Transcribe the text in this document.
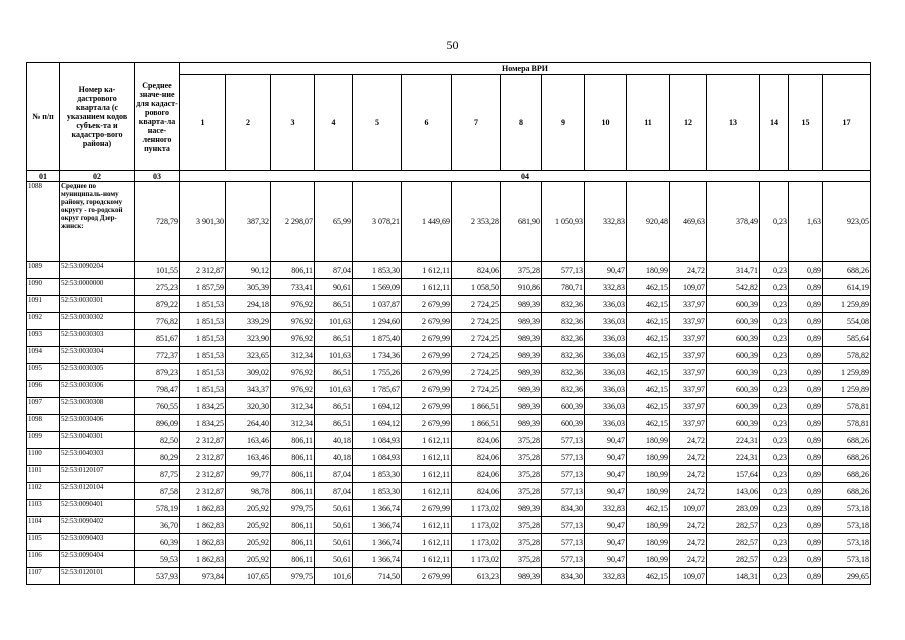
50
№ п/п	Номер ка-дастрового квартала (с указанием кодов субъек-та и кадастро-вого района)	Среднее значе-ние для кадаст-рового кварта-ла насе-ленного пункта	Номера ВРИ															
			1	2	3	4	5	6	7	8	9	10	11	12	13	14	15	17
01	02	03	04															
1088	Среднее по муниципаль-ному району, городскому округу - го-родской округ город Дзер-жинск:	728,79	3 901,30	387,32	2 298,07	65,99	3 078,21	1 449,69	2 353,28	681,90	1 050,93	332,83	920,48	469,63	378,49	0,23	1,63	923,05
1089	52:53:0090204	101,55	2 312,87	90,12	806,11	87,04	1 853,30	1 612,11	824,06	375,28	577,13	90,47	180,99	24,72	314,71	0,23	0,89	688,26
1090	52:53:0000000	275,23	1 857,59	305,39	733,41	90,61	1 569,09	1 612,11	1 058,50	910,86	780,71	332,83	462,15	109,07	542,82	0,23	0,89	614,19
1091	52:53:0030301	879,22	1 851,53	294,18	976,92	86,51	1 037,87	2 679,99	2 724,25	989,39	832,36	336,03	462,15	337,97	600,39	0,23	0,89	1 259,89
1092	52:53:0030302	776,82	1 851,53	339,29	976,92	101,63	1 294,60	2 679,99	2 724,25	989,39	832,36	336,03	462,15	337,97	600,39	0,23	0,89	554,08
1093	52:53:0030303	851,67	1 851,53	323,90	976,92	86,51	1 875,40	2 679,99	2 724,25	989,39	832,36	336,03	462,15	337,97	600,39	0,23	0,89	585,64
1094	52:53:0030304	772,37	1 851,53	323,65	312,34	101,63	1 734,36	2 679,99	2 724,25	989,39	832,36	336,03	462,15	337,97	600,39	0,23	0,89	578,82
1095	52:53:0030305	879,23	1 851,53	309,02	976,92	86,51	1 755,26	2 679,99	2 724,25	989,39	832,36	336,03	462,15	337,97	600,39	0,23	0,89	1 259,89
1096	52:53:0030306	798,47	1 851,53	343,37	976,92	101,63	1 785,67	2 679,99	2 724,25	989,39	832,36	336,03	462,15	337,97	600,39	0,23	0,89	1 259,89
1097	52:53:0030308	760,55	1 834,25	320,30	312,34	86,51	1 694,12	2 679,99	1 866,51	989,39	600,39	336,03	462,15	337,97	600,39	0,23	0,89	578,81
1098	52:53:0030406	896,09	1 834,25	264,40	312,34	86,51	1 694,12	2 679,99	1 866,51	989,39	600,39	336,03	462,15	337,97	600,39	0,23	0,89	578,81
1099	52:53:0040301	82,50	2 312,87	163,46	806,11	40,18	1 084,93	1 612,11	824,06	375,28	577,13	90,47	180,99	24,72	224,31	0,23	0,89	688,26
1100	52:53:0040303	80,29	2 312,87	163,46	806,11	40,18	1 084,93	1 612,11	824,06	375,28	577,13	90,47	180,99	24,72	224,31	0,23	0,89	688,26
1101	52:53:0120107	87,75	2 312,87	99,77	806,11	87,04	1 853,30	1 612,11	824,06	375,28	577,13	90,47	180,99	24,72	157,64	0,23	0,89	688,26
1102	52:53:0120104	87,58	2 312,87	98,78	806,11	87,04	1 853,30	1 612,11	824,06	375,28	577,13	90,47	180,99	24,72	143,06	0,23	0,89	688,26
1103	52:53:0090401	578,19	1 862,83	205,92	979,75	50,61	1 366,74	2 679,99	1 173,02	989,39	834,30	332,83	462,15	109,07	283,09	0,23	0,89	573,18
1104	52:53:0090402	36,70	1 862,83	205,92	806,11	50,61	1 366,74	1 612,11	1 173,02	375,28	577,13	90,47	180,99	24,72	282,57	0,23	0,89	573,18
1105	52:53:0090403	60,39	1 862,83	205,92	806,11	50,61	1 366,74	1 612,11	1 173,02	375,28	577,13	90,47	180,99	24,72	282,57	0,23	0,89	573,18
1106	52:53:0090404	59,53	1 862,83	205,92	806,11	50,61	1 366,74	1 612,11	1 173,02	375,28	577,13	90,47	180,99	24,72	282,57	0,23	0,89	573,18
1107	52:53:0120101	537,93	973,84	107,65	979,75	101,6	714,50	2 679,99	613,23	989,39	834,30	332,83	462,15	109,07	148,31	0,23	0,89	299,65
